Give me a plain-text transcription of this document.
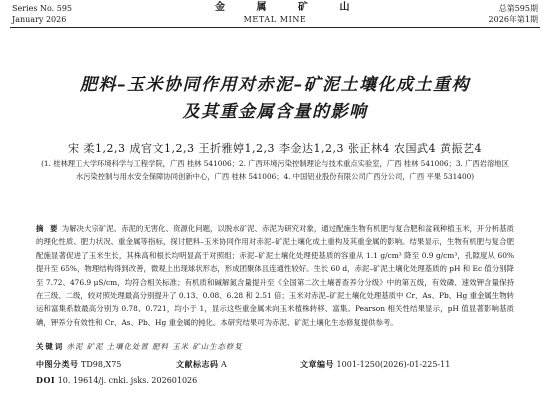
Series No. 595
January 2026
金 属 矿 山
METAL MINE
总第595期
2026年第1期
肥料–玉米协同作用对赤泥–矿泥土壤化成土重构
及其重金属含量的影响
宋 柔1,2,3 成官文1,2,3 王折雅婷1,2,3 李金达1,2,3 张正林4 农国武4 黄振艺4
(1. 桂林理工大学环境科学与工程学院，广西 桂林 541006；2. 广西环境污染控制理论与技术重点实验室，广西 桂林 541006；3. 广西岩溶地区水污染控制与用水安全保障协同创新中心，广西 桂林 541006；4. 中国铝业股份有限公司广西分公司，广西 平果 531400)
摘 要 为解决大宗矿泥、赤泥的无害化、资源化问题，以脱水矿泥、赤泥为研究对象，通过配施生物有机肥与复合肥和盆栽种植玉米，开分析基质的理化性质、肥力状况、重金属等指标，探讨肥料–玉米协同作用对赤泥–矿泥土壤化成土重构及其重金属的影响。结果显示，生物有机肥与复合肥配施显著促进了玉米生长，其株高和根长均明显高于对照组；赤泥–矿泥土壤化处理使基质的容重从 1.1 g/cm³ 降至 0.9 g/cm³，孔隙度从 60% 提升至 65%，物理结构得到改善，微观上出现球状形态，形成团聚体且连通性较好。生长 60 d，赤泥–矿泥土壤化处理基质的 pH 和 Ec 值分别降至 7.72、476.9 μS/cm，均符合相关标准；有机质和碱解氮含量提升至《全国第二次土壤普查养分分级》中的第五级，有效磷、速效钾含量保持在三级、二级，较对照处理最高分别提升了 0.13、0.08、6.28 和 2.51 倍；玉米对赤泥–矿泥土壤化处理基质中 Cr、As、Pb、Hg 重金属生物转运和富集系数最高分别为 0.78、0.721，均小于 1，显示这些重金属未向玉米植株转移、富集。Pearson 相关性结果显示，pH 值显著影响基质碘，钾养分有效性和 Cr、As、Pb、Hg 重金属的钝化。本研究结果可为赤泥、矿泥土壤化生态修复提供参考。
关键词 赤泥 矿泥 土壤化处置 肥料 玉米 矿山生态修复
中图分类号 TD98,X75	文献标志码 A	文章编号 1001-1250(2026)-01-225-11
DOI 10. 19614/j. cnki. jsks. 202601026
